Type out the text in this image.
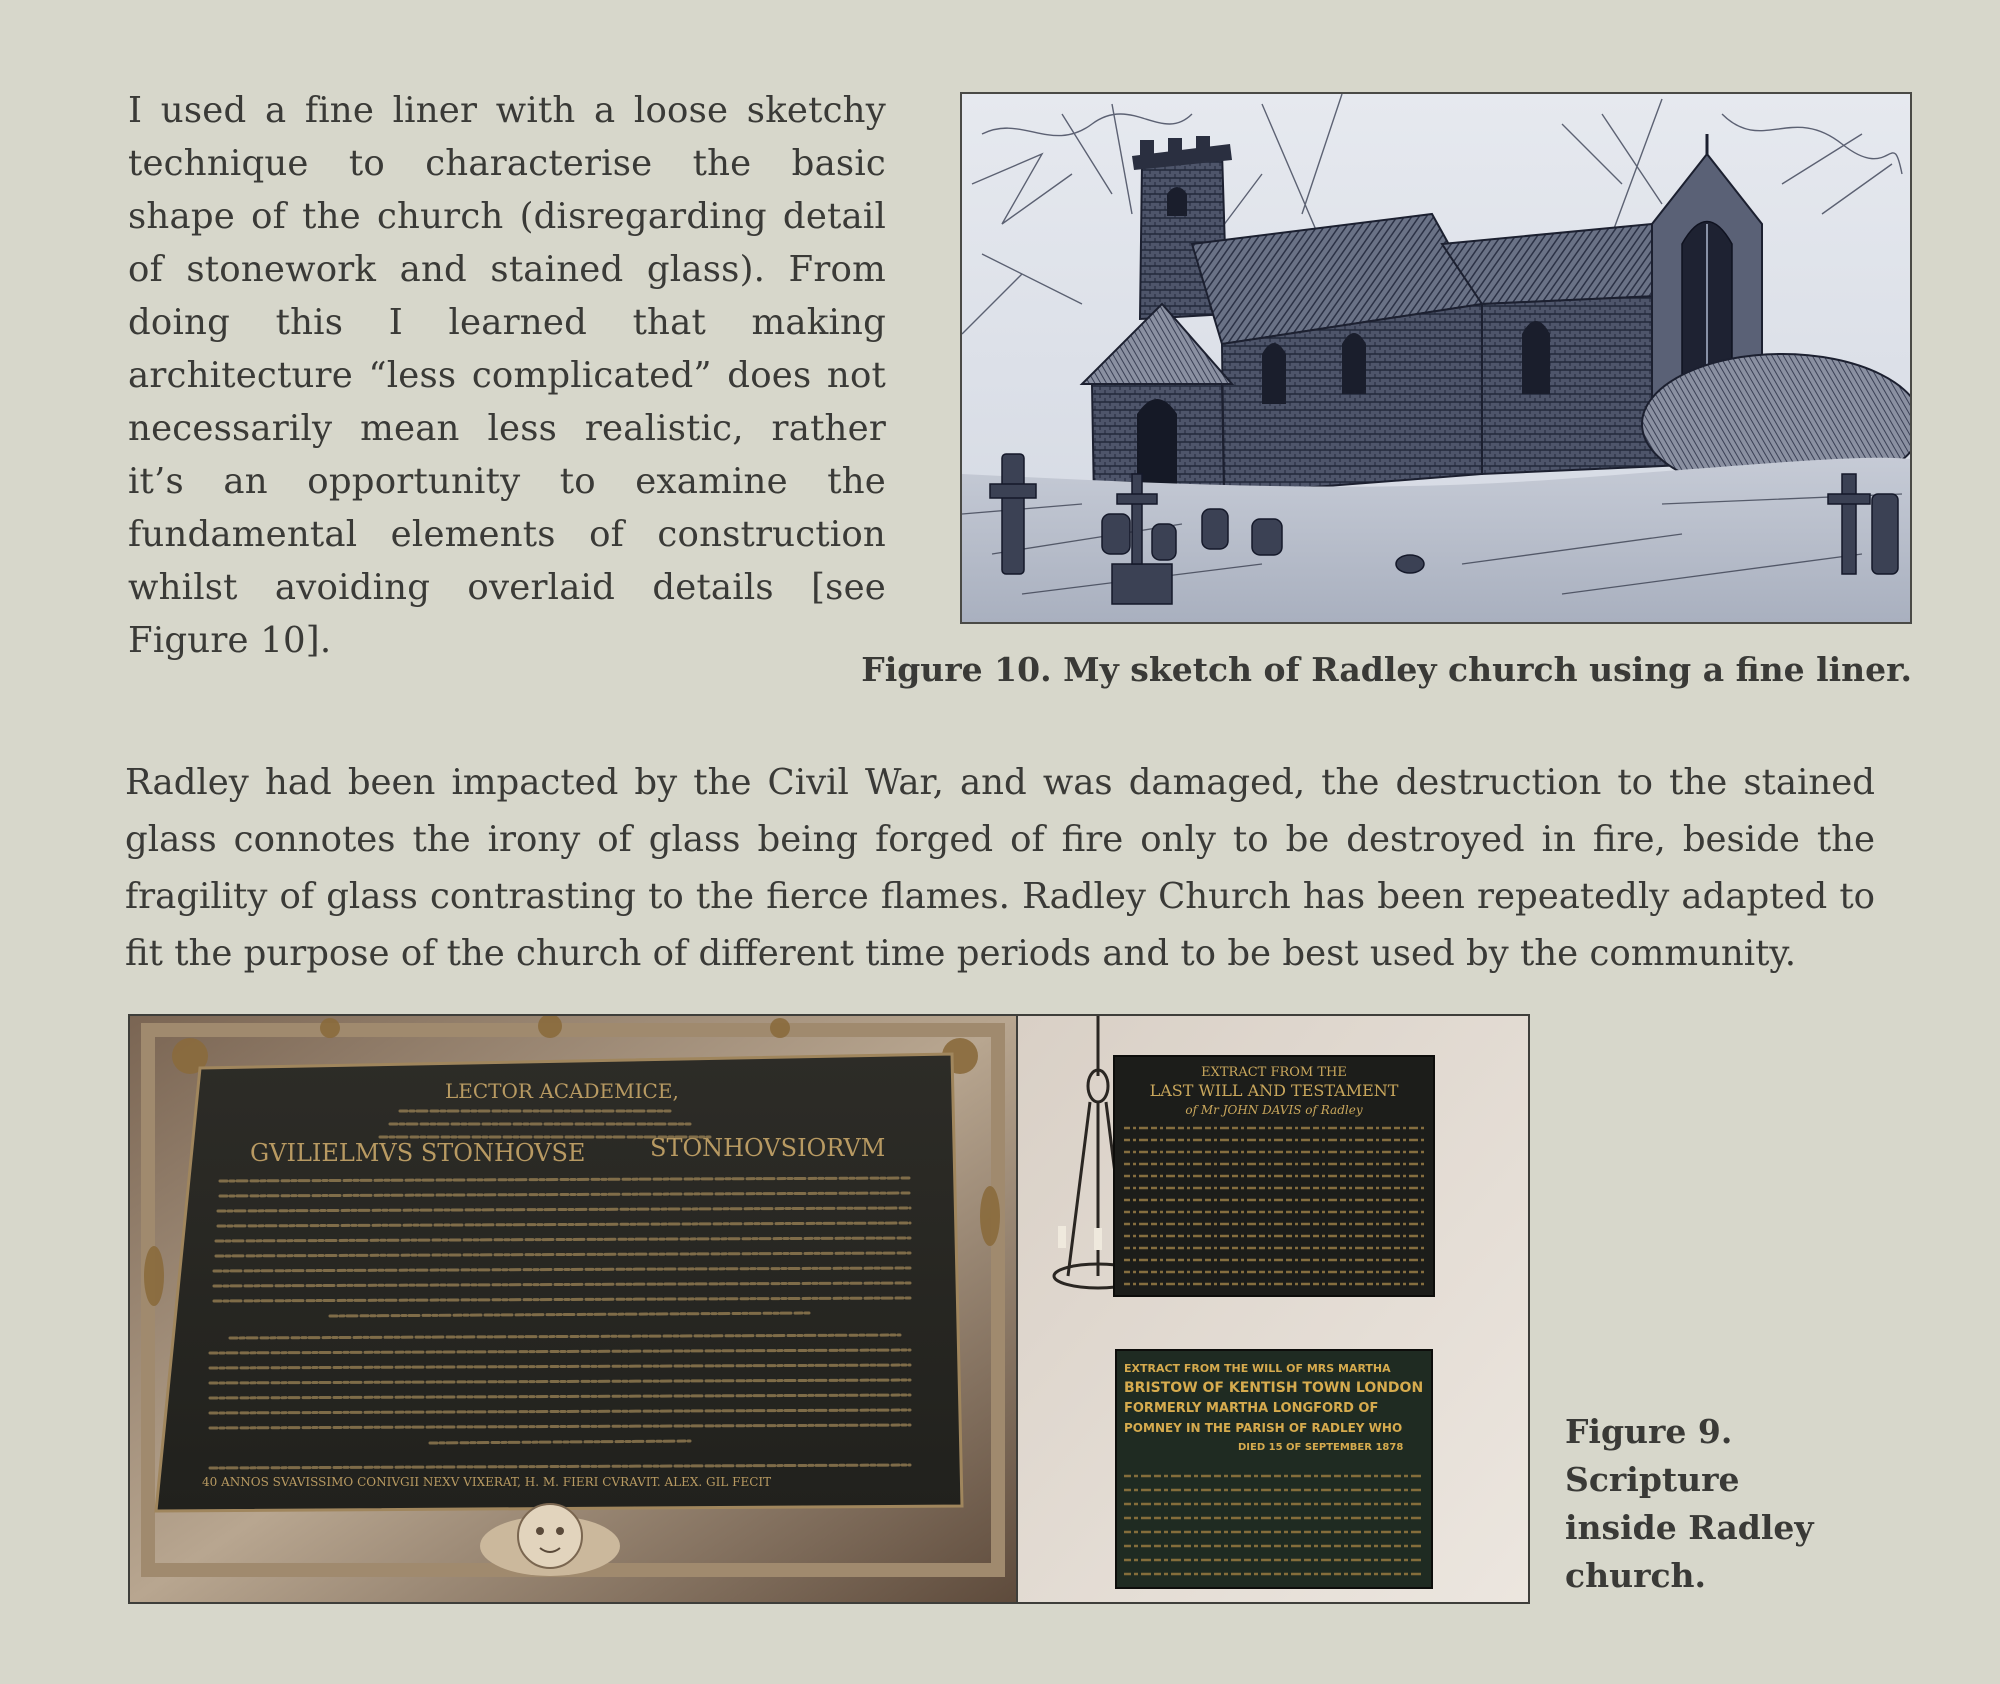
I used a fine liner with a loose sketchy technique to characterise the basic shape of the church (disregarding detail of stonework and stained glass). From doing this I learned that making architecture “less complicated” does not necessarily mean less realistic, rather it’s an opportunity to examine the fundamental elements of construction whilst avoiding overlaid details [see Figure 10].

Figure 10. My sketch of Radley church using a fine liner.

Radley had been impacted by the Civil War, and was damaged, the destruction to the stained glass connotes the irony of glass being forged of fire only to be destroyed in fire, beside the fragility of glass contrasting to the fierce flames. Radley Church has been repeatedly adapted to fit the purpose of the church of different time periods and to be best used by the community.

LECTOR ACADEMICE,
GVILIELMVS STONHOVSE	STONHOVSIORVM
40 ANNOS SVAVISSIMO CONIVGII NEXV VIXERAT, H. M. FIERI CVRAVIT. ALEX. GIL FECIT
EXTRACT FROM THE
LAST WILL AND TESTAMENT
of Mr JOHN DAVIS of Radley
EXTRACT FROM THE WILL OF MRS MARTHA
BRISTOW OF KENTISH TOWN LONDON
FORMERLY MARTHA LONGFORD OF
POMNEY IN THE PARISH OF RADLEY WHO
DIED 15 OF SEPTEMBER 1878	Figure 9. Scripture inside Radley church.
